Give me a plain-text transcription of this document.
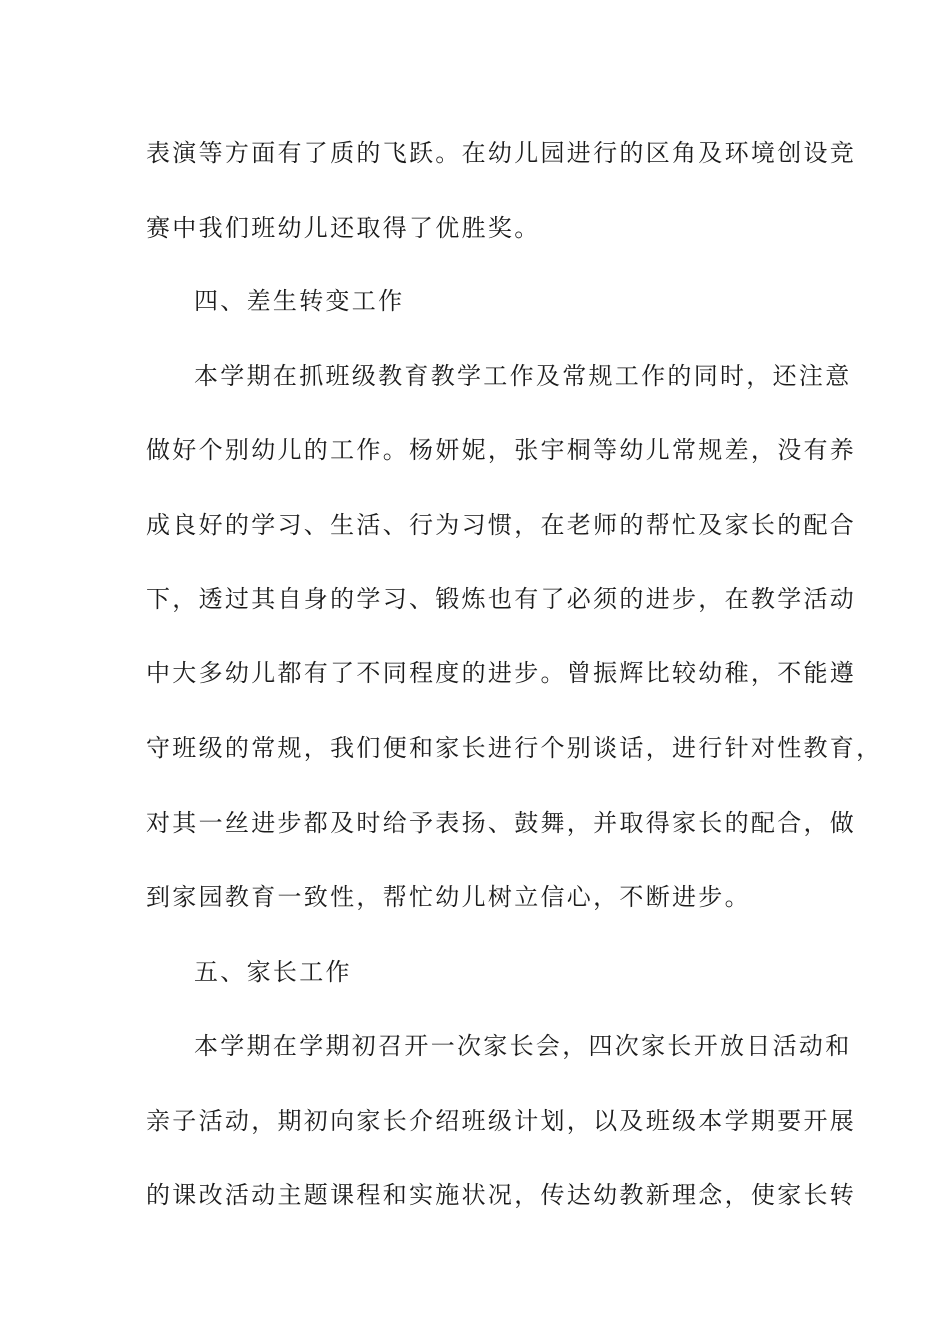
表演等方面有了质的飞跃。在幼儿园进行的区角及环境创设竞
赛中我们班幼儿还取得了优胜奖。
四、差生转变工作
本学期在抓班级教育教学工作及常规工作的同时，还注意
做好个别幼儿的工作。杨妍妮，张宇桐等幼儿常规差，没有养
成良好的学习、生活、行为习惯，在老师的帮忙及家长的配合
下，透过其自身的学习、锻炼也有了必须的进步，在教学活动
中大多幼儿都有了不同程度的进步。曾振辉比较幼稚，不能遵
守班级的常规，我们便和家长进行个别谈话，进行针对性教育，
对其一丝进步都及时给予表扬、鼓舞，并取得家长的配合，做
到家园教育一致性，帮忙幼儿树立信心，不断进步。
五、家长工作
本学期在学期初召开一次家长会，四次家长开放日活动和
亲子活动，期初向家长介绍班级计划，以及班级本学期要开展
的课改活动主题课程和实施状况，传达幼教新理念，使家长转
